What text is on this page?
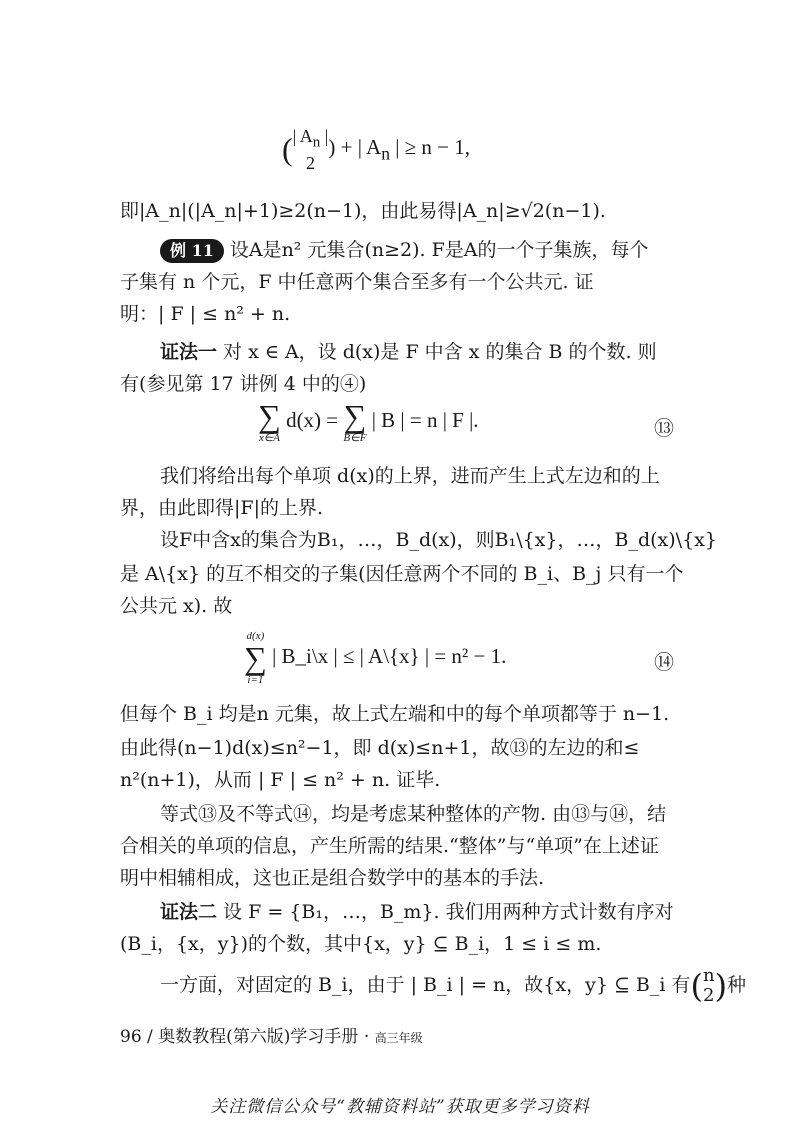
(| $A_n$ |
2) + | $A_n$ | ≥ n − 1,
即|A_n|(|A_n|+1)≥2(n−1)，由此易得|A_n|≥√2(n−1).
例 11 设A是n² 元集合(n≥2). F是A的一个子集族，每个
子集有 n 个元，F 中任意两个集合至多有一个公共元. 证
明：| F | ≤ n² + n.
证法一 对 x ∈ A，设 d(x)是 F 中含 x 的集合 B 的个数. 则
有(参见第 17 讲例 4 中的④)
∑
x∈A
d(x) = ∑
B∈F
| B | = n | F |.	⑬
我们将给出每个单项 d(x)的上界，进而产生上式左边和的上
界，由此即得|F|的上界.
设F中含x的集合为B₁，…，B_d(x)，则B₁\{x}，…，B_d(x)\{x}
是 A\{x} 的互不相交的子集(因任意两个不同的 B_i、B_j 只有一个
公共元 x). 故
d(x)
∑
i=1
| B_i\x | ≤ | A\{x} | = n² − 1.	⑭
但每个 B_i 均是n 元集，故上式左端和中的每个单项都等于 n−1.
由此得(n−1)d(x)≤n²−1，即 d(x)≤n+1，故⑬的左边的和≤
n²(n+1)，从而 | F | ≤ n² + n. 证毕.
等式⑬及不等式⑭，均是考虑某种整体的产物. 由⑬与⑭，结
合相关的单项的信息，产生所需的结果.“整体”与“单项”在上述证
明中相辅相成，这也正是组合数学中的基本的手法.
证法二 设 F = {B₁，…，B_m}. 我们用两种方式计数有序对
(B_i，{x，y})的个数，其中{x，y} ⊆ B_i，1 ≤ i ≤ m.
一方面，对固定的 B_i，由于 | B_i | = n，故{x，y} ⊆ B_i 有(n
2)种
96 / 奥数教程(第六版)学习手册 · 高三年级
关注微信公众号“教辅资料站”获取更多学习资料
